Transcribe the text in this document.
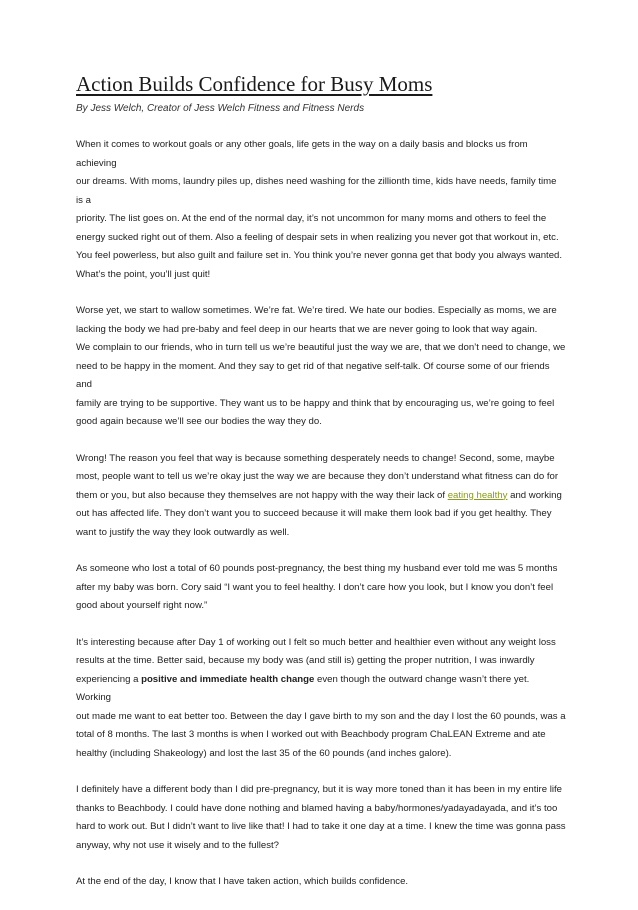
Action Builds Confidence for Busy Moms
By Jess Welch, Creator of Jess Welch Fitness and Fitness Nerds

When it comes to workout goals or any other goals, life gets in the way on a daily basis and blocks us from achieving
our dreams. With moms, laundry piles up, dishes need washing for the zillionth time, kids have needs, family time is a
priority. The list goes on. At the end of the normal day, it’s not uncommon for many moms and others to feel the
energy sucked right out of them. Also a feeling of despair sets in when realizing you never got that workout in, etc.
You feel powerless, but also guilt and failure set in. You think you’re never gonna get that body you always wanted.
What’s the point, you’ll just quit!

Worse yet, we start to wallow sometimes. We’re fat. We’re tired. We hate our bodies. Especially as moms, we are
lacking the body we had pre-baby and feel deep in our hearts that we are never going to look that way again.
We complain to our friends, who in turn tell us we’re beautiful just the way we are, that we don’t need to change, we
need to be happy in the moment. And they say to get rid of that negative self-talk. Of course some of our friends and
family are trying to be supportive. They want us to be happy and think that by encouraging us, we’re going to feel
good again because we’ll see our bodies the way they do.

Wrong! The reason you feel that way is because something desperately needs to change! Second, some, maybe
most, people want to tell us we’re okay just the way we are because they don’t understand what fitness can do for
them or you, but also because they themselves are not happy with the way their lack of eating healthy and working
out has affected life. They don’t want you to succeed because it will make them look bad if you get healthy. They
want to justify the way they look outwardly as well.

As someone who lost a total of 60 pounds post-pregnancy, the best thing my husband ever told me was 5 months
after my baby was born. Cory said “I want you to feel healthy. I don’t care how you look, but I know you don’t feel
good about yourself right now.”

It’s interesting because after Day 1 of working out I felt so much better and healthier even without any weight loss
results at the time. Better said, because my body was (and still is) getting the proper nutrition, I was inwardly
experiencing a positive and immediate health change even though the outward change wasn’t there yet. Working
out made me want to eat better too. Between the day I gave birth to my son and the day I lost the 60 pounds, was a
total of 8 months. The last 3 months is when I worked out with Beachbody program ChaLEAN Extreme and ate
healthy (including Shakeology) and lost the last 35 of the 60 pounds (and inches galore).

I definitely have a different body than I did pre-pregnancy, but it is way more toned than it has been in my entire life
thanks to Beachbody. I could have done nothing and blamed having a baby/hormones/yadayadayada, and it’s too
hard to work out. But I didn’t want to live like that! I had to take it one day at a time. I knew the time was gonna pass
anyway, why not use it wisely and to the fullest?

At the end of the day, I know that I have taken action, which builds confidence.
